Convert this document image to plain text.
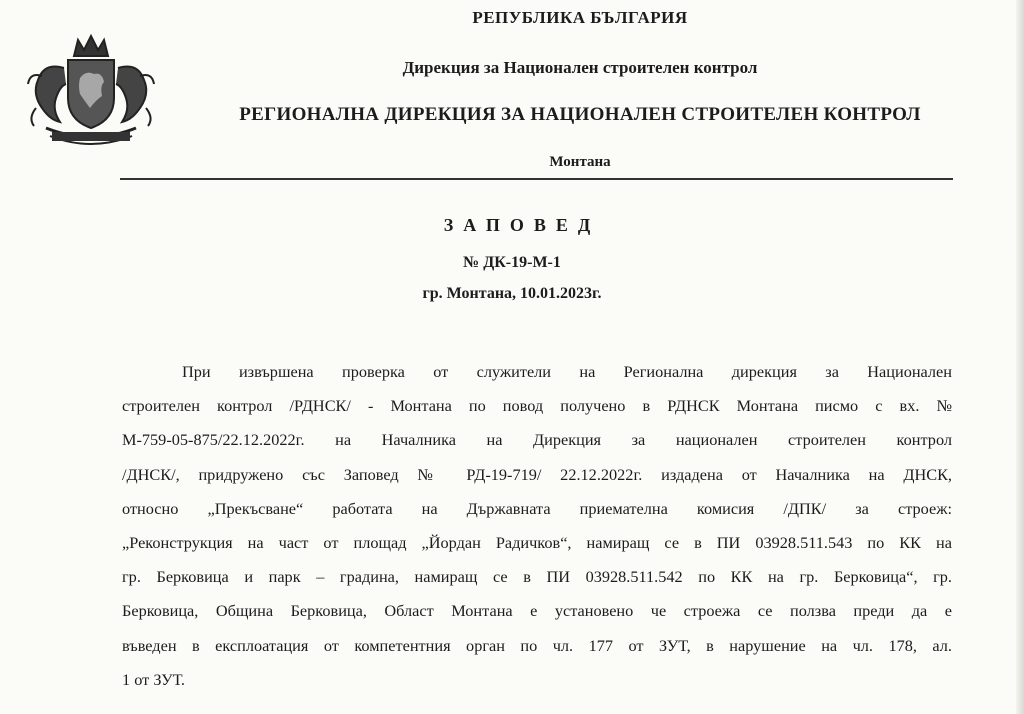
РЕПУБЛИКА БЪЛГАРИЯ
Дирекция за Национален строителен контрол
РЕГИОНАЛНА ДИРЕКЦИЯ ЗА НАЦИОНАЛЕН СТРОИТЕЛЕН КОНТРОЛ
Монтана
ЗАПОВЕД
№ ДК-19-М-1
гр. Монтана, 10.01.2023г.
При извършена проверка от служители на Регионална дирекция за Национален
строителен контрол /РДНСК/ - Монтана по повод получено в РДНСК Монтана писмо с вх. №
М-759-05-875/22.12.2022г. на Началника на Дирекция за национален строителен контрол
/ДНСК/, придружено със Заповед № РД-19-719/ 22.12.2022г. издадена от Началника на ДНСК,
относно „Прекъсване“ работата на Държавната приемателна комисия /ДПК/ за строеж:
„Реконструкция на част от площад „Йордан Радичков“, намиращ се в ПИ 03928.511.543 по КК на
гр. Берковица и парк – градина, намиращ се в ПИ 03928.511.542 по КК на гр. Берковица“, гр.
Берковица, Община Берковица, Област Монтана е установено че строежа се ползва преди да е
въведен в експлоатация от компетентния орган по чл. 177 от ЗУТ, в нарушение на чл. 178, ал.
1 от ЗУТ.
